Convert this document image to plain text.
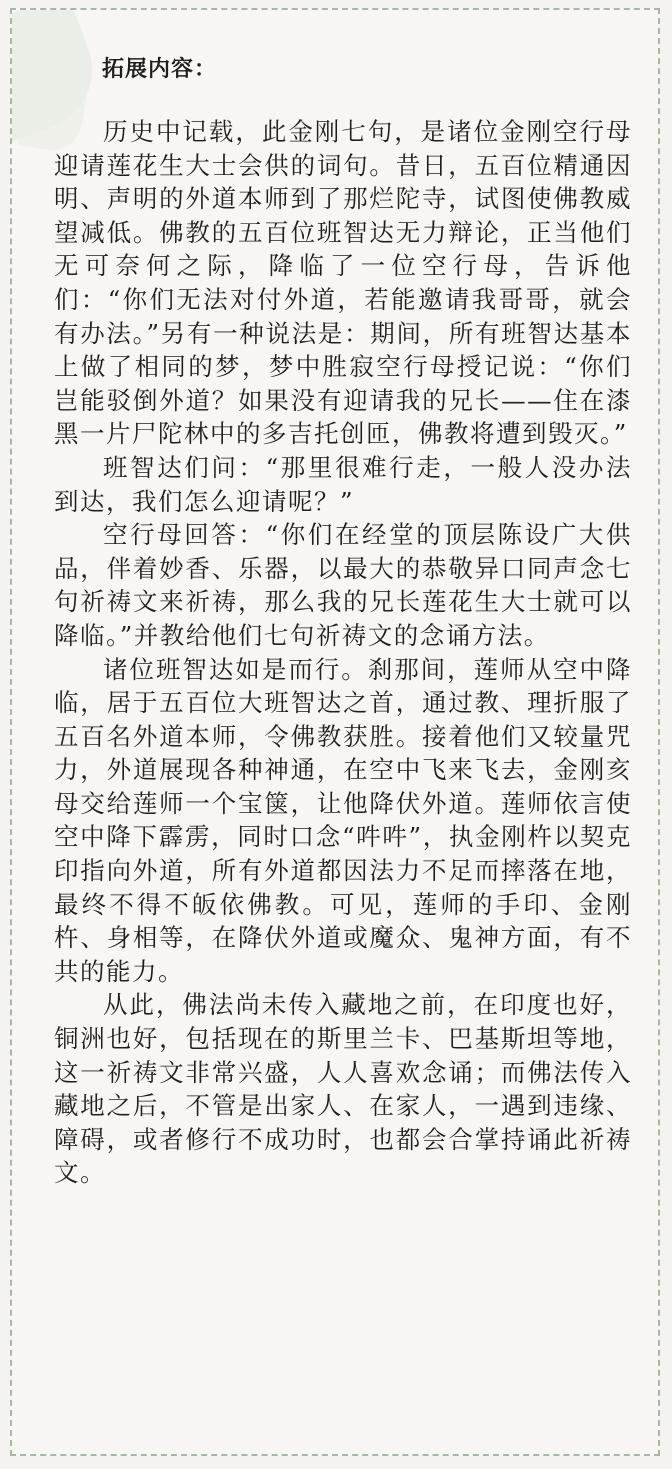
拓展内容：

历史中记载，此金刚七句，是诸位金刚空行母迎请莲花生大士会供的词句。昔日，五百位精通因明、声明的外道本师到了那烂陀寺，试图使佛教威望减低。佛教的五百位班智达无力辩论，正当他们无可奈何之际，降临了一位空行母，告诉他们：“你们无法对付外道，若能邀请我哥哥，就会有办法。”另有一种说法是：期间，所有班智达基本上做了相同的梦，梦中胜寂空行母授记说：“你们岂能驳倒外道？如果没有迎请我的兄长——住在漆黑一片尸陀林中的多吉托创匝，佛教将遭到毁灭。”

班智达们问：“那里很难行走，一般人没办法到达，我们怎么迎请呢？”

空行母回答：“你们在经堂的顶层陈设广大供品，伴着妙香、乐器，以最大的恭敬异口同声念七句祈祷文来祈祷，那么我的兄长莲花生大士就可以降临。”并教给他们七句祈祷文的念诵方法。

诸位班智达如是而行。刹那间，莲师从空中降临，居于五百位大班智达之首，通过教、理折服了五百名外道本师，令佛教获胜。接着他们又较量咒力，外道展现各种神通，在空中飞来飞去，金刚亥母交给莲师一个宝箧，让他降伏外道。莲师依言使空中降下霹雳，同时口念“吽吽”，执金刚杵以契克印指向外道，所有外道都因法力不足而摔落在地，最终不得不皈依佛教。可见，莲师的手印、金刚杵、身相等，在降伏外道或魔众、鬼神方面，有不共的能力。

从此，佛法尚未传入藏地之前，在印度也好，铜洲也好，包括现在的斯里兰卡、巴基斯坦等地，这一祈祷文非常兴盛，人人喜欢念诵；而佛法传入藏地之后，不管是出家人、在家人，一遇到违缘、障碍，或者修行不成功时，也都会合掌持诵此祈祷文。
